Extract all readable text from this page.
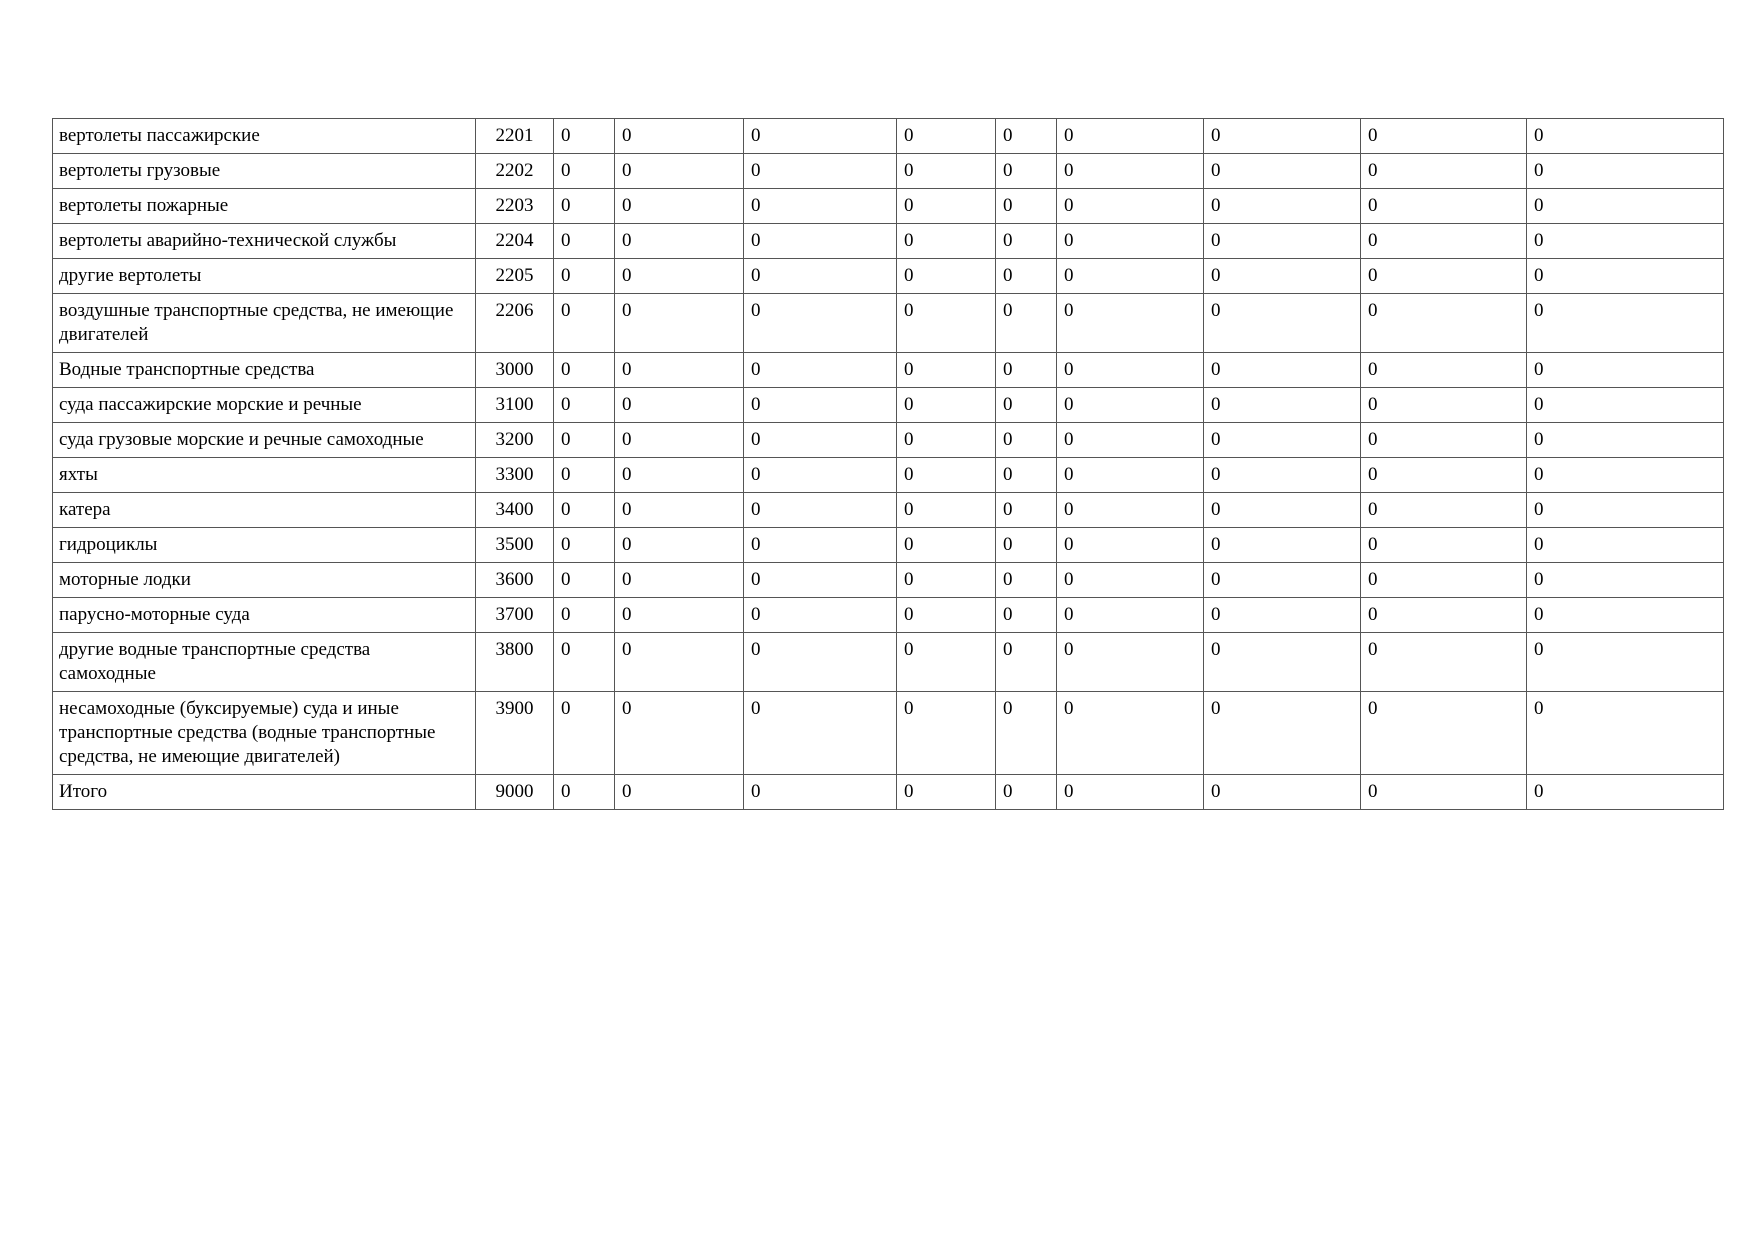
вертолеты пассажирские	2201	0	0	0	0	0	0	0	0	0
вертолеты грузовые	2202	0	0	0	0	0	0	0	0	0
вертолеты пожарные	2203	0	0	0	0	0	0	0	0	0
вертолеты аварийно-технической службы	2204	0	0	0	0	0	0	0	0	0
другие вертолеты	2205	0	0	0	0	0	0	0	0	0
воздушные транспортные средства, не имеющие двигателей	2206	0	0	0	0	0	0	0	0	0
Водные транспортные средства	3000	0	0	0	0	0	0	0	0	0
суда пассажирские морские и речные	3100	0	0	0	0	0	0	0	0	0
суда грузовые морские и речные самоходные	3200	0	0	0	0	0	0	0	0	0
яхты	3300	0	0	0	0	0	0	0	0	0
катера	3400	0	0	0	0	0	0	0	0	0
гидроциклы	3500	0	0	0	0	0	0	0	0	0
моторные лодки	3600	0	0	0	0	0	0	0	0	0
парусно-моторные суда	3700	0	0	0	0	0	0	0	0	0
другие водные транспортные средства самоходные	3800	0	0	0	0	0	0	0	0	0
несамоходные (буксируемые) суда и иные транспортные средства (водные транспортные средства, не имеющие двигателей)	3900	0	0	0	0	0	0	0	0	0
Итого	9000	0	0	0	0	0	0	0	0	0
